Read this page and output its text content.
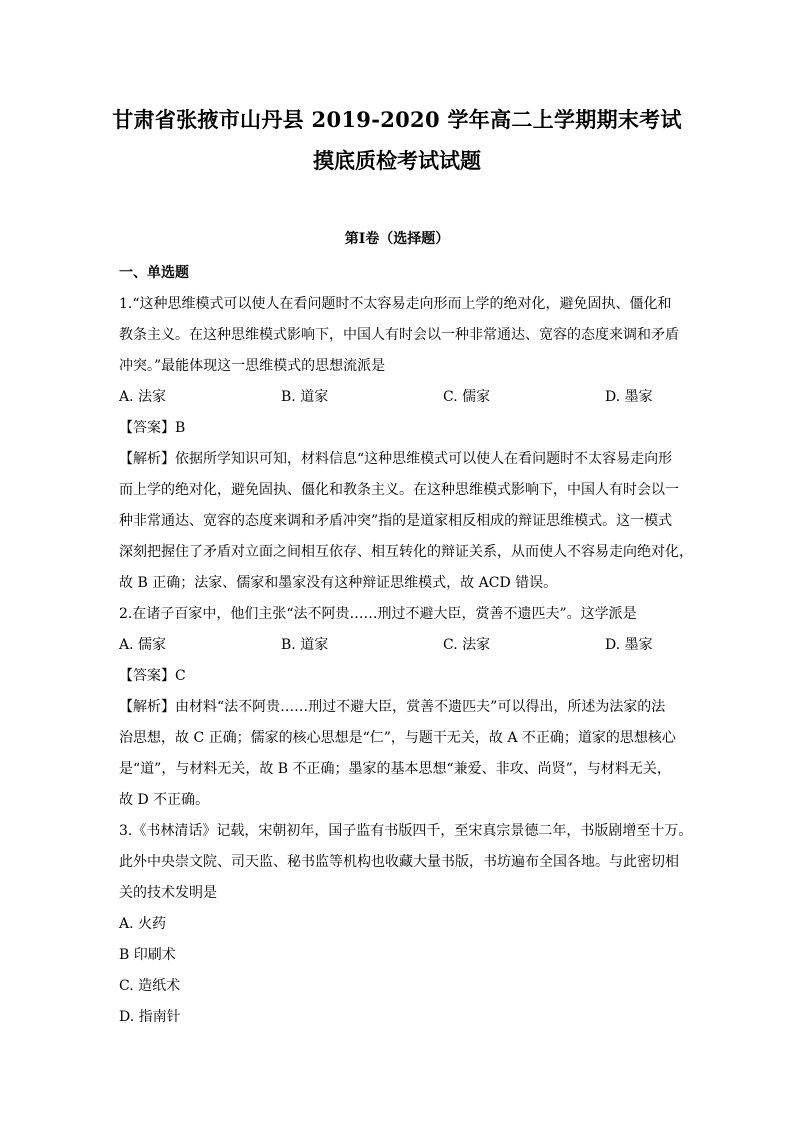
甘肃省张掖市山丹县 2019-2020 学年高二上学期期末考试
摸底质检考试试题
第Ⅰ卷（选择题）
一、单选题
1.“这种思维模式可以使人在看问题时不太容易走向形而上学的绝对化，避免固执、僵化和
教条主义。在这种思维模式影响下，中国人有时会以一种非常通达、宽容的态度来调和矛盾
冲突。”最能体现这一思维模式的思想流派是
A. 法家	B. 道家	C. 儒家	D. 墨家
【答案】B
【解析】依据所学知识可知，材料信息“这种思维模式可以使人在看问题时不太容易走向形
而上学的绝对化，避免固执、僵化和教条主义。在这种思维模式影响下，中国人有时会以一
种非常通达、宽容的态度来调和矛盾冲突”指的是道家相反相成的辩证思维模式。这一模式
深刻把握住了矛盾对立面之间相互依存、相互转化的辩证关系，从而使人不容易走向绝对化，
故 B 正确；法家、儒家和墨家没有这种辩证思维模式，故 ACD 错误。
2.在诸子百家中，他们主张“法不阿贵……刑过不避大臣，赏善不遗匹夫”。这学派是
A. 儒家	B. 道家	C. 法家	D. 墨家
【答案】C
【解析】由材料“法不阿贵……刑过不避大臣，赏善不遗匹夫”可以得出，所述为法家的法
治思想，故 C 正确；儒家的核心思想是“仁”，与题干无关，故 A 不正确；道家的思想核心
是“道”，与材料无关，故 B 不正确；墨家的基本思想“兼爱、非攻、尚贤”，与材料无关，
故 D 不正确。
3.《书林清话》记载，宋朝初年，国子监有书版四千，至宋真宗景德二年，书版剧增至十万。
此外中央崇文院、司天监、秘书监等机构也收藏大量书版，书坊遍布全国各地。与此密切相
关的技术发明是
A. 火药
B 印刷术
C. 造纸术
D. 指南针
